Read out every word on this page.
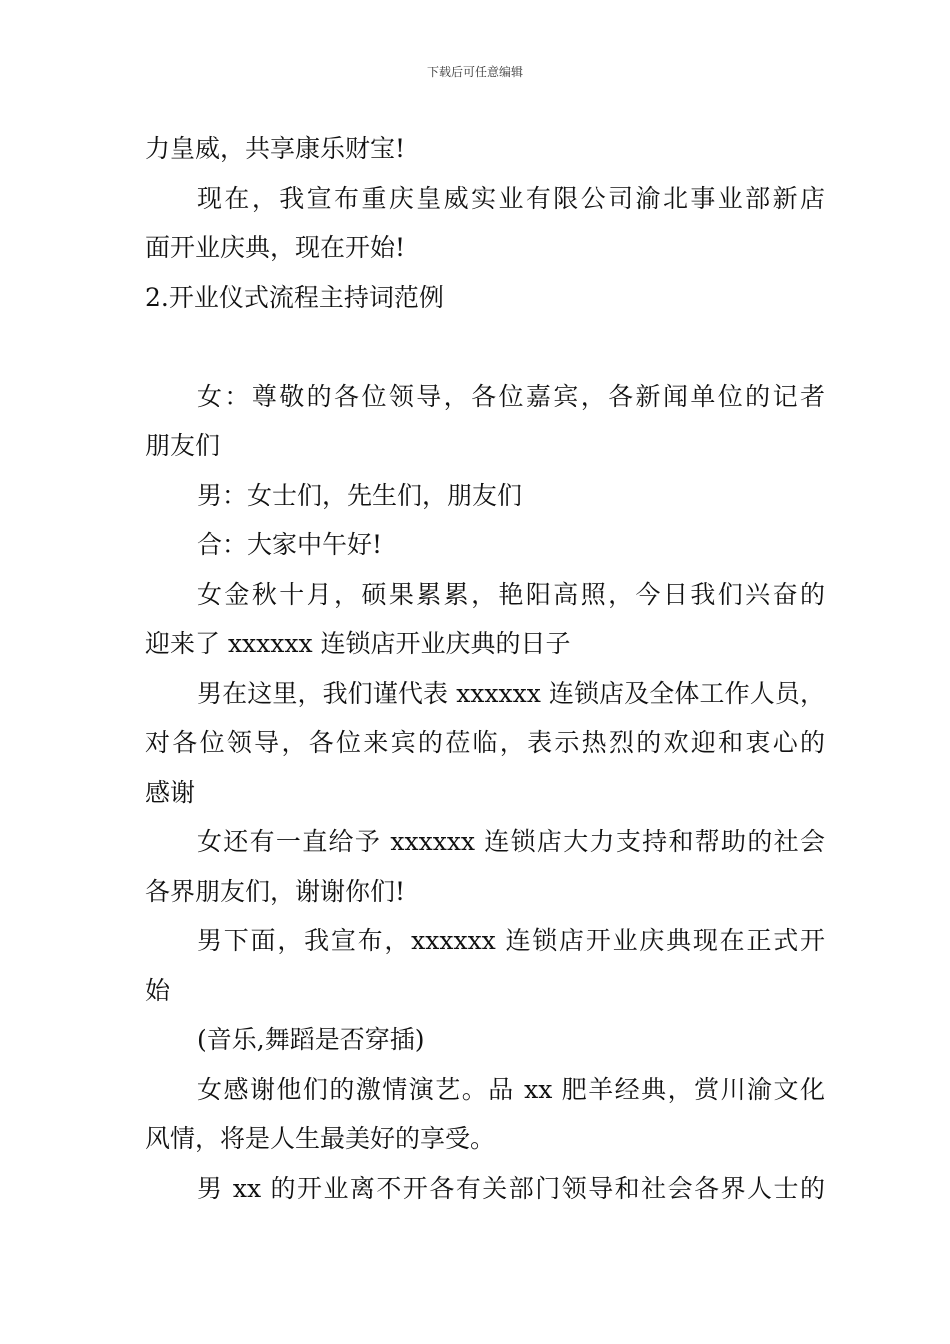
下载后可任意编辑
力皇威，共享康乐财宝!
现在，我宣布重庆皇威实业有限公司渝北事业部新店
面开业庆典，现在开始!
2.开业仪式流程主持词范例
女：尊敬的各位领导，各位嘉宾，各新闻单位的记者
朋友们
男：女士们，先生们，朋友们
合：大家中午好!
女金秋十月，硕果累累，艳阳高照，今日我们兴奋的
迎来了 xxxxxx 连锁店开业庆典的日子
男在这里，我们谨代表 xxxxxx 连锁店及全体工作人员，
对各位领导，各位来宾的莅临，表示热烈的欢迎和衷心的
感谢
女还有一直给予 xxxxxx 连锁店大力支持和帮助的社会
各界朋友们，谢谢你们!
男下面，我宣布，xxxxxx 连锁店开业庆典现在正式开
始
(音乐,舞蹈是否穿插)
女感谢他们的激情演艺。品 xx 肥羊经典，赏川渝文化
风情，将是人生最美好的享受。
男 xx 的开业离不开各有关部门领导和社会各界人士的
